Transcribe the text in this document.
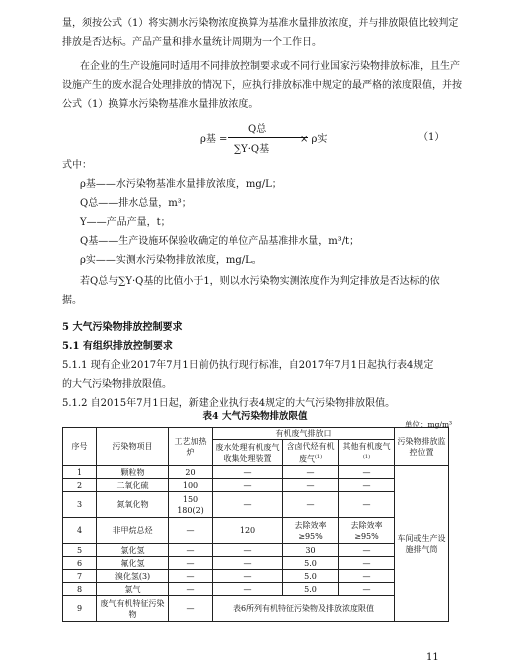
量，须按公式（1）将实测水污染物浓度换算为基准水量排放浓度，并与排放限值比较判定
排放是否达标。产品产量和排水量统计周期为一个工作日。
在企业的生产设施同时适用不同排放控制要求或不同行业国家污染物排放标准，且生产
设施产生的废水混合处理排放的情况下，应执行排放标准中规定的最严格的浓度限值，并按
公式（1）换算水污染物基准水量排放浓度。
ρ基 =
Q总
∑Y·Q基
× ρ实	（1）
式中：
ρ基——水污染物基准水量排放浓度，mg/L；
Q总——排水总量，m³；
Y——产品产量，t；
Q基——生产设施环保验收确定的单位产品基准排水量，m³/t；
ρ实——实测水污染物排放浓度，mg/L。
若Q总与∑Y·Q基的比值小于1，则以水污染物实测浓度作为判定排放是否达标的依
据。
5 大气污染物排放控制要求
5.1 有组织排放控制要求
5.1.1 现有企业2017年7月1日前仍执行现行标准，自2017年7月1日起执行表4规定
的大气污染物排放限值。
5.1.2 自2015年7月1日起，新建企业执行表4规定的大气污染物排放限值。
表4 大气污染物排放限值
单位：mg/m³
序号	污染物项目	工艺加热炉	有机废气排放口			污染物排放监控位置
			废水处理有机废气收集处理装置	含卤代烃有机废气$^{(1)}$	其他有机废气$^{(1)}$
1	颗粒物	20	—	—	—	车间或生产设施排气筒
2	二氧化硫	100	—	—	—	
3	氮氧化物	150
180(2)	—	—	—	
4	非甲烷总烃	—	120	去除效率≥95%	去除效率≥95%	
5	氯化氢	—	—	30	—	
6	氟化氢	—	—	5.0	—	
7	溴化氢(3)	—	—	5.0	—	
8	氯气	—	—	5.0	—	
9	废气有机特征污染物	—	表6所列有机特征污染物及排放浓度限值			
11
